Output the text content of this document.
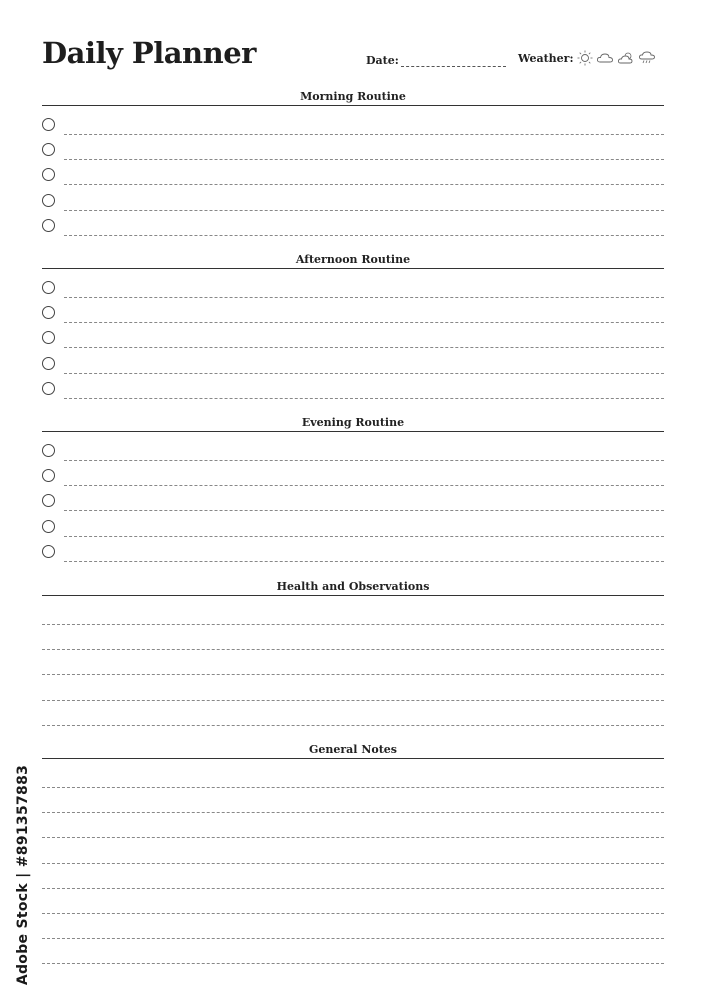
Daily Planner	Date:	Weather:
Morning Routine
Afternoon Routine
Evening Routine
Health and Observations
General Notes
Adobe Stock | #891357883
